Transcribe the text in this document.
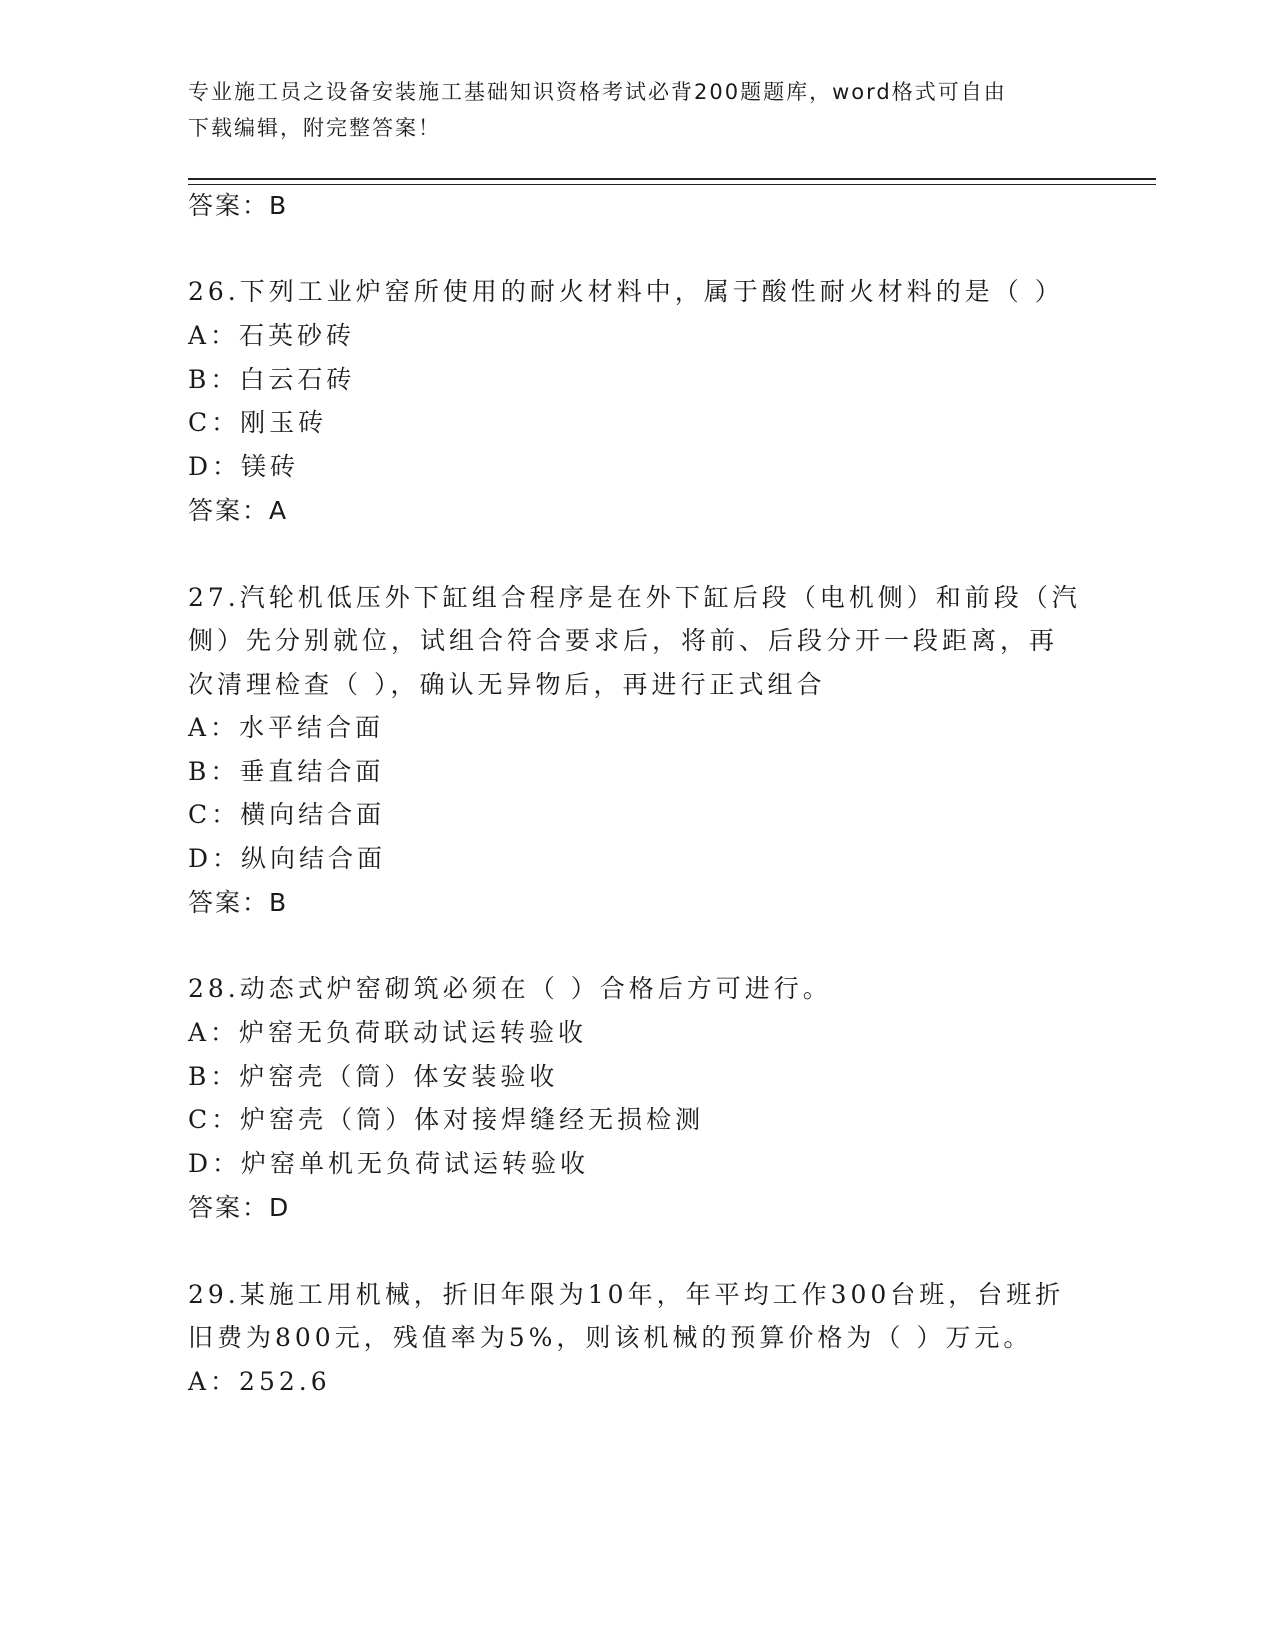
专业施工员之设备安装施工基础知识资格考试必背200题题库，word格式可自由
下载编辑，附完整答案！
答案：B
26.下列工业炉窑所使用的耐火材料中，属于酸性耐火材料的是（ ）
A：石英砂砖
B：白云石砖
C：刚玉砖
D：镁砖
答案：A
27.汽轮机低压外下缸组合程序是在外下缸后段（电机侧）和前段（汽
侧）先分别就位，试组合符合要求后，将前、后段分开一段距离，再
次清理检查（ ），确认无异物后，再进行正式组合
A：水平结合面
B：垂直结合面
C：横向结合面
D：纵向结合面
答案：B
28.动态式炉窑砌筑必须在（ ）合格后方可进行。
A：炉窑无负荷联动试运转验收
B：炉窑壳（筒）体安装验收
C：炉窑壳（筒）体对接焊缝经无损检测
D：炉窑单机无负荷试运转验收
答案：D
29.某施工用机械，折旧年限为10年，年平均工作300台班，台班折
旧费为800元，残值率为5%，则该机械的预算价格为（ ）万元。
A：252.6
